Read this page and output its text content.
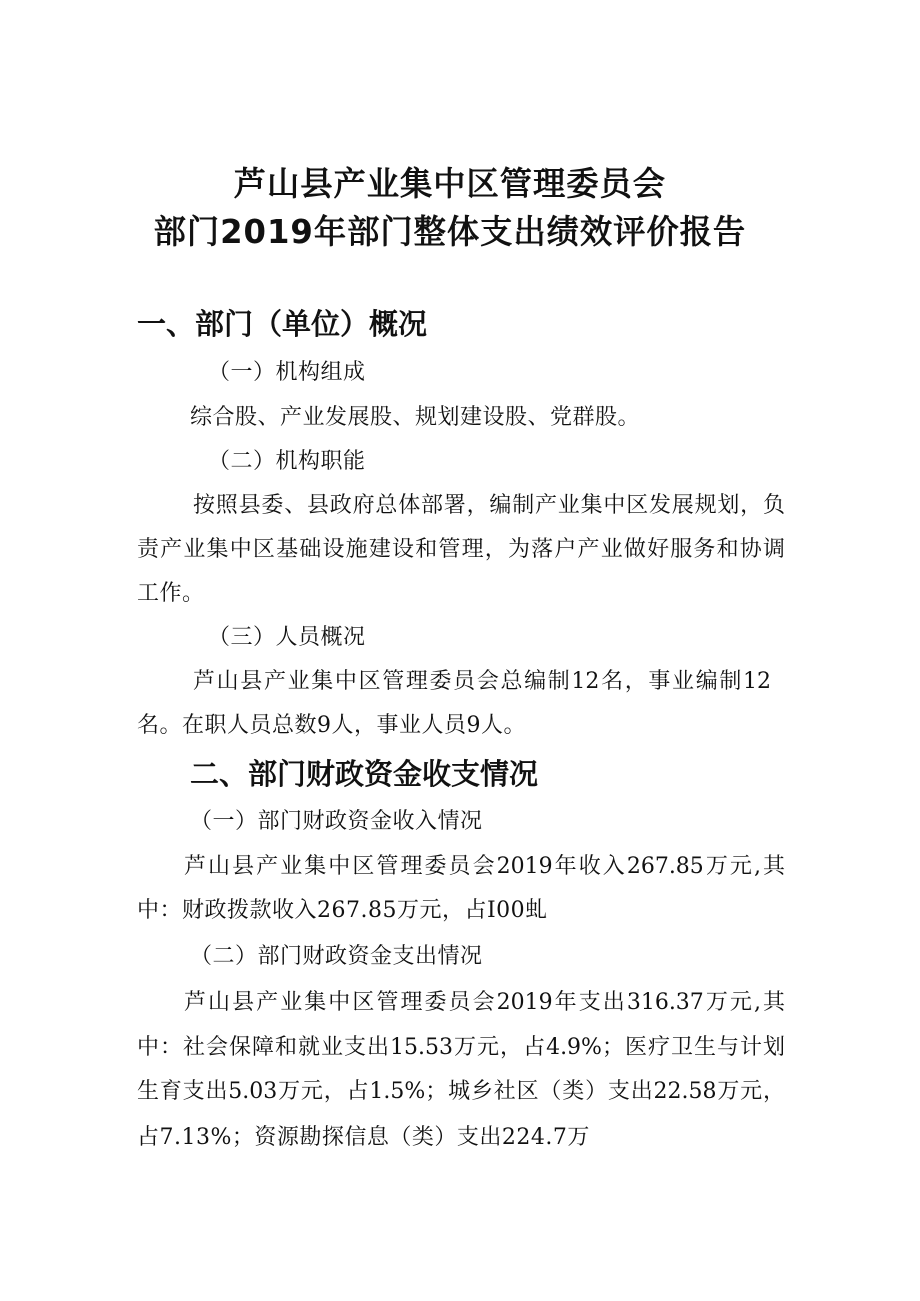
芦山县产业集中区管理委员会
部门2019年部门整体支出绩效评价报告
一、部门（单位）概况
（一）机构组成
综合股、产业发展股、规划建设股、党群股。
（二）机构职能
按照县委、县政府总体部署，编制产业集中区发展规划，负
责产业集中区基础设施建设和管理，为落户产业做好服务和协调
工作。
（三）人员概况
芦山县产业集中区管理委员会总编制12名，事业编制12
名。在职人员总数9人，事业人员9人。
二、部门财政资金收支情况
（一）部门财政资金收入情况
芦山县产业集中区管理委员会2019年收入267.85万元,其
中：财政拨款收入267.85万元，占I00虬
（二）部门财政资金支出情况
芦山县产业集中区管理委员会2019年支出316.37万元,其
中：社会保障和就业支出15.53万元，占4.9%；医疗卫生与计划
生育支出5.03万元，占1.5%；城乡社区（类）支出22.58万元，
占7.13%；资源勘探信息（类）支出224.7万
